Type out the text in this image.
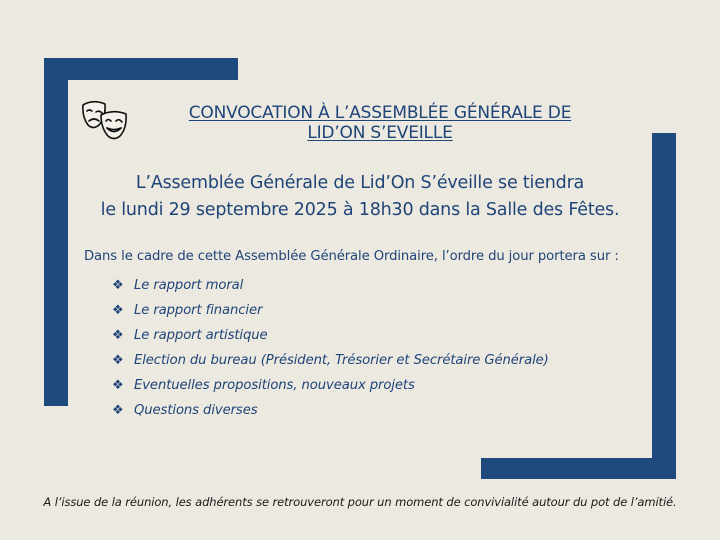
CONVOCATION À L’ASSEMBLÉE GÉNÉRALE DE
LID’ON S’EVEILLE
L’Assemblée Générale de Lid’On S’éveille se tiendra
le lundi 29 septembre 2025 à 18h30 dans la Salle des Fêtes.
Dans le cadre de cette Assemblée Générale Ordinaire, l’ordre du jour portera sur :
❖ Le rapport moral
❖ Le rapport financier
❖ Le rapport artistique
❖ Election du bureau (Président, Trésorier et Secrétaire Générale)
❖ Eventuelles propositions, nouveaux projets
❖ Questions diverses
A l’issue de la réunion, les adhérents se retrouveront pour un moment de convivialité autour du pot de l’amitié.
